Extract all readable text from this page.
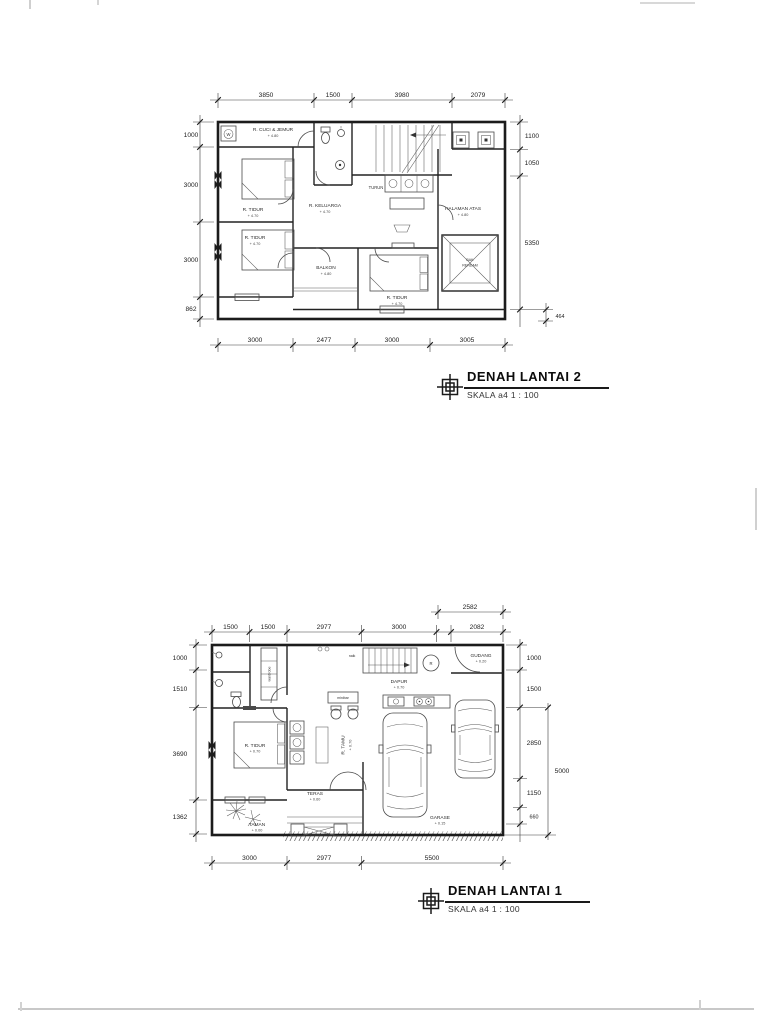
3850	1500	3980	2079
3000	2477	3000	3005
1000
3000
3000
862
1100
1050
5350
464
W
BAK
RENDAM
R. CUCI & JEMUR
+ 4.80
R. TIDUR
+ 4.70
R. TIDUR
+ 4.70
R. KELUARGA
+ 4.70
TURUN
HALAMAN ATAS
+ 4.80
BALKON
+ 4.80
R. TIDUR
+ 4.70
DENAH LANTAI 2
SKALA a4 1 : 100
2582
1500	1500	2977	3000	2082
3000	2977	5500
1000
1510
3690
1362
1000
1500
2850
1150
660
5000
R
wardrobe
minibar
GUDANG
+ 0.20
DAPUR
+ 0.70
naik
R. TAMU + 0.70
R. TIDUR
+ 0.70
TERAS
+ 0.60
TAMAN
+ 0.00
GARASE
+ 0.15
DENAH LANTAI 1
SKALA a4 1 : 100
